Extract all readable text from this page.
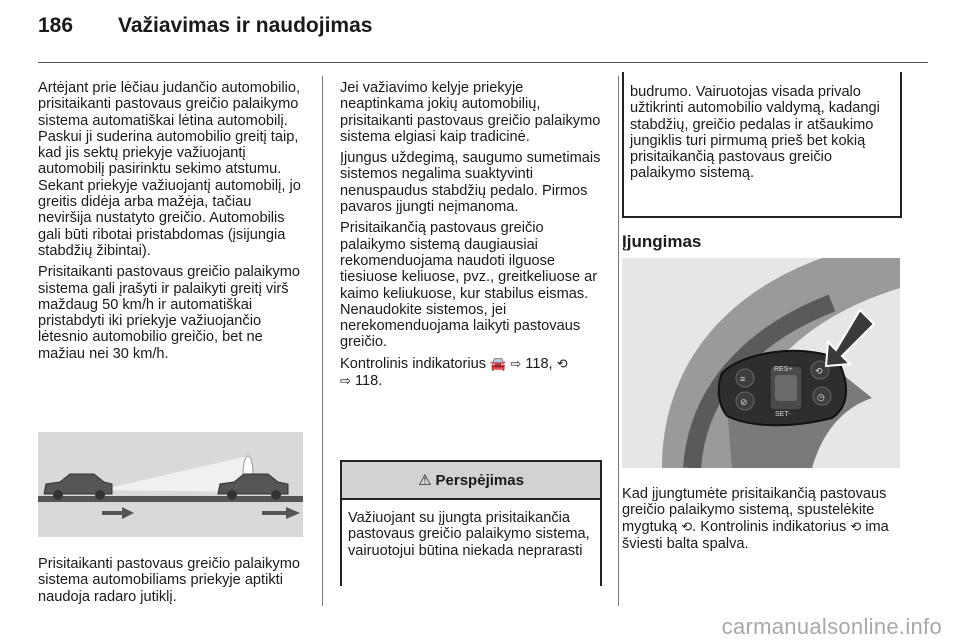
186 Važiavimas ir naudojimas

Artėjant prie lėčiau judančio automobilio, prisitaikanti pastovaus greičio palaikymo sistema automatiškai lėtina automobilį. Paskui ji suderina automobilio greitį taip, kad jis sektų priekyje važiuojantį automobilį pasirinktu sekimo atstumu. Sekant priekyje važiuojantį automobilį, jo greitis didėja arba mažėja, tačiau neviršija nustatyto greičio. Automobilis gali būti ribotai pristabdomas (įsijungia stabdžių žibintai).

Prisitaikanti pastovaus greičio palaikymo sistema gali įrašyti ir palaikyti greitį virš maždaug 50 km/h ir automatiškai pristabdyti iki priekyje važiuojančio lėtesnio automobilio greičio, bet ne mažiau nei 30 km/h.

Prisitaikanti pastovaus greičio palaikymo sistema automobiliams priekyje aptikti naudoja radaro jutiklį.

Jei važiavimo kelyje priekyje neaptinkama jokių automobilių, prisitaikanti pastovaus greičio palaikymo sistema elgiasi kaip tradicinė.

Įjungus uždegimą, saugumo sumetimais sistemos negalima suaktyvinti nenuspaudus stabdžių pedalo. Pirmos pavaros įjungti neįmanoma.

Prisitaikančią pastovaus greičio palaikymo sistemą daugiausiai rekomenduojama naudoti ilguose tiesiuose keliuose, pvz., greitkeliuose ar kaimo keliukuose, kur stabilus eismas. Nenaudokite sistemos, jei nerekomenduojama laikyti pastovaus greičio.

Kontrolinis indikatorius 🚘 ⇨ 118, ⟲
⇨ 118.

⚠ Perspėjimas

Važiuojant su įjungta prisitaikančia pastovaus greičio palaikymo sistema, vairuotojui būtina niekada neprarasti

budrumo. Vairuotojas visada privalo užtikrinti automobilio valdymą, kadangi stabdžių, greičio pedalas ir atšaukimo jungiklis turi pirmumą prieš bet kokią prisitaikančią pastovaus greičio palaikymo sistemą.

Įjungimas
RES+
SET-
≡
⊘
⟲
◷

Kad įjungtumėte prisitaikančią pastovaus greičio palaikymo sistemą, spustelėkite mygtuką ⟲. Kontrolinis indikatorius ⟲ ima šviesti balta spalva.

carmanualsonline.info
